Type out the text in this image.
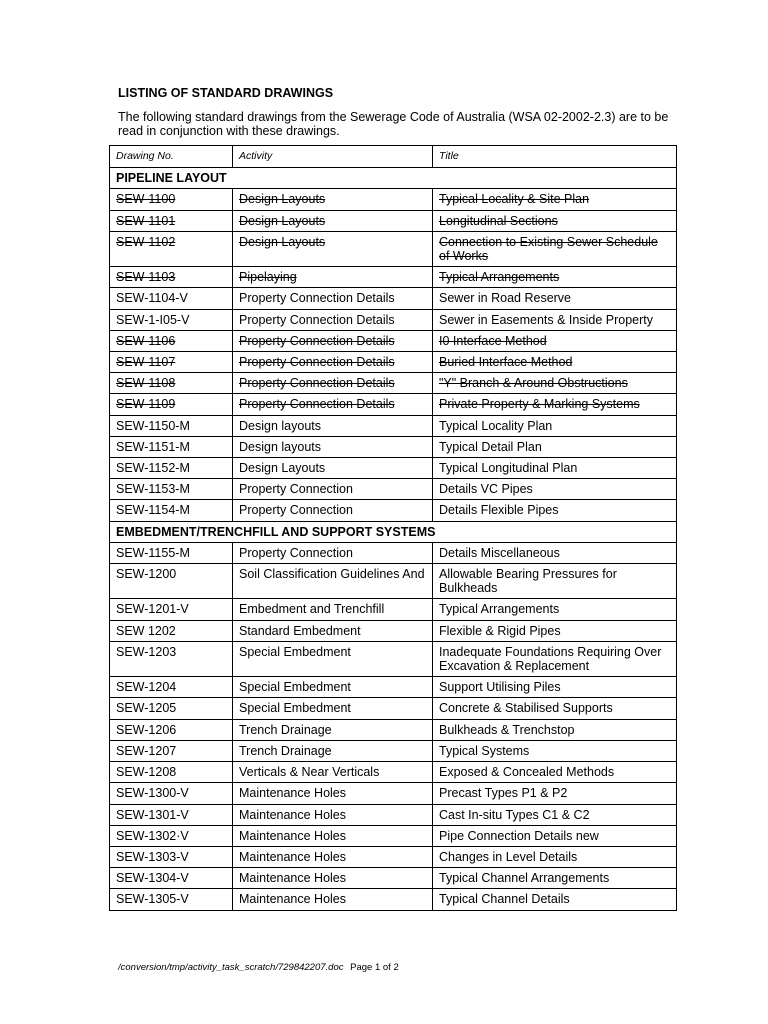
LISTING OF STANDARD DRAWINGS

The following standard drawings from the Sewerage Code of Australia (WSA 02-2002-2.3) are to be read in conjunction with these drawings.

Drawing No.	Activity	Title
PIPELINE LAYOUT		
SEW-1100	Design Layouts	Typical Locality & Site Plan
SEW-1101	Design Layouts	Longitudinal Sections
SEW-1102	Design Layouts	Connection to Existing Sewer Schedule of Works
SEW-1103	Pipelaying	Typical Arrangements
SEW-1104-V	Property Connection Details	Sewer in Road Reserve
SEW-1-I05-V	Property Connection Details	Sewer in Easements & Inside Property
SEW-1106	Property Connection Details	I0 Interface Method
SEW-1107	Property Connection Details	Buried Interface Method
SEW-1108	Property Connection Details	"Y" Branch & Around Obstructions
SEW-1109	Property Connection Details	Private Property & Marking Systems
SEW-1150-M	Design layouts	Typical Locality Plan
SEW-1151-M	Design layouts	Typical Detail Plan
SEW-1152-M	Design Layouts	Typical Longitudinal Plan
SEW-1153-M	Property Connection	Details VC Pipes
SEW-1154-M	Property Connection	Details Flexible Pipes
EMBEDMENT/TRENCHFILL AND SUPPORT SYSTEMS		
SEW-1155-M	Property Connection	Details Miscellaneous
SEW-1200	Soil Classification Guidelines And	Allowable Bearing Pressures for Bulkheads
SEW-1201-V	Embedment and Trenchfill	Typical Arrangements
SEW 1202	Standard Embedment	Flexible & Rigid Pipes
SEW-1203	Special Embedment	Inadequate Foundations Requiring Over Excavation & Replacement
SEW-1204	Special Embedment	Support Utilising Piles
SEW-1205	Special Embedment	Concrete & Stabilised Supports
SEW-1206	Trench Drainage	Bulkheads & Trenchstop
SEW-1207	Trench Drainage	Typical Systems
SEW-1208	Verticals & Near Verticals	Exposed & Concealed Methods
SEW-1300-V	Maintenance Holes	Precast Types P1 & P2
SEW-1301-V	Maintenance Holes	Cast In-situ Types C1 & C2
SEW-1302·V	Maintenance Holes	Pipe Connection Details new
SEW-1303-V	Maintenance Holes	Changes in Level Details
SEW-1304-V	Maintenance Holes	Typical Channel Arrangements
SEW-1305-V	Maintenance Holes	Typical Channel Details
/conversion/tmp/activity_task_scratch/729842207.doc Page 1 of 2
